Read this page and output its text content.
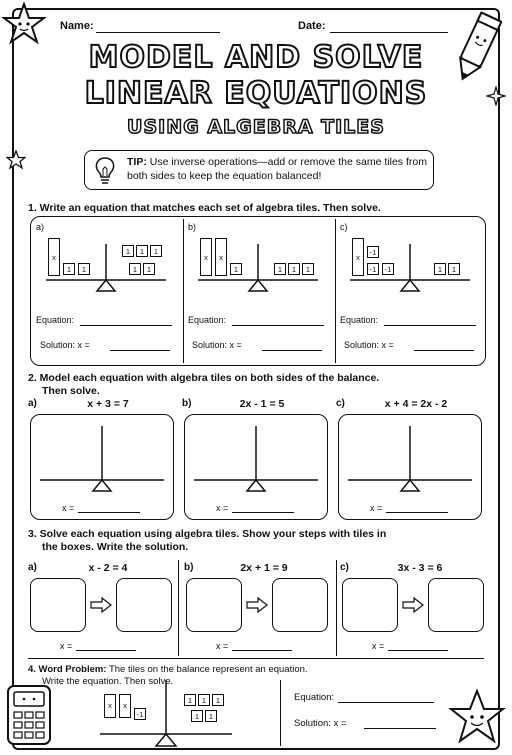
Name:	Date:
MODEL AND SOLVE
LINEAR EQUATIONS
USING ALGEBRA TILES
TIP: Use inverse operations—add or remove the same tiles from both sides to keep the equation balanced!
1. Write an equation that matches each set of algebra tiles. Then solve.
a)
x
1	1
1	1	1
1	1
Equation:
Solution: x =
b)
x	x
1	1	1	1
Equation:
Solution: x =
c)
x
-1
-1	-1	1	1
Equation:
Solution: x =
2. Model each equation with algebra tiles on both sides of the balance.
Then solve.
a)	x + 3 = 7
x =
b)	2x - 1 = 5
x =
c)	x + 4 = 2x - 2
x =
3. Solve each equation using algebra tiles. Show your steps with tiles in
the boxes. Write the solution.
a)	x - 2 = 4
x =
b)	2x + 1 = 9
x =
c)	3x - 3 = 6
x =
4. Word Problem: The tiles on the balance represent an equation.
Write the equation. Then solve.
x	x
-1
1	1	1
1	1
Equation:
Solution: x =
